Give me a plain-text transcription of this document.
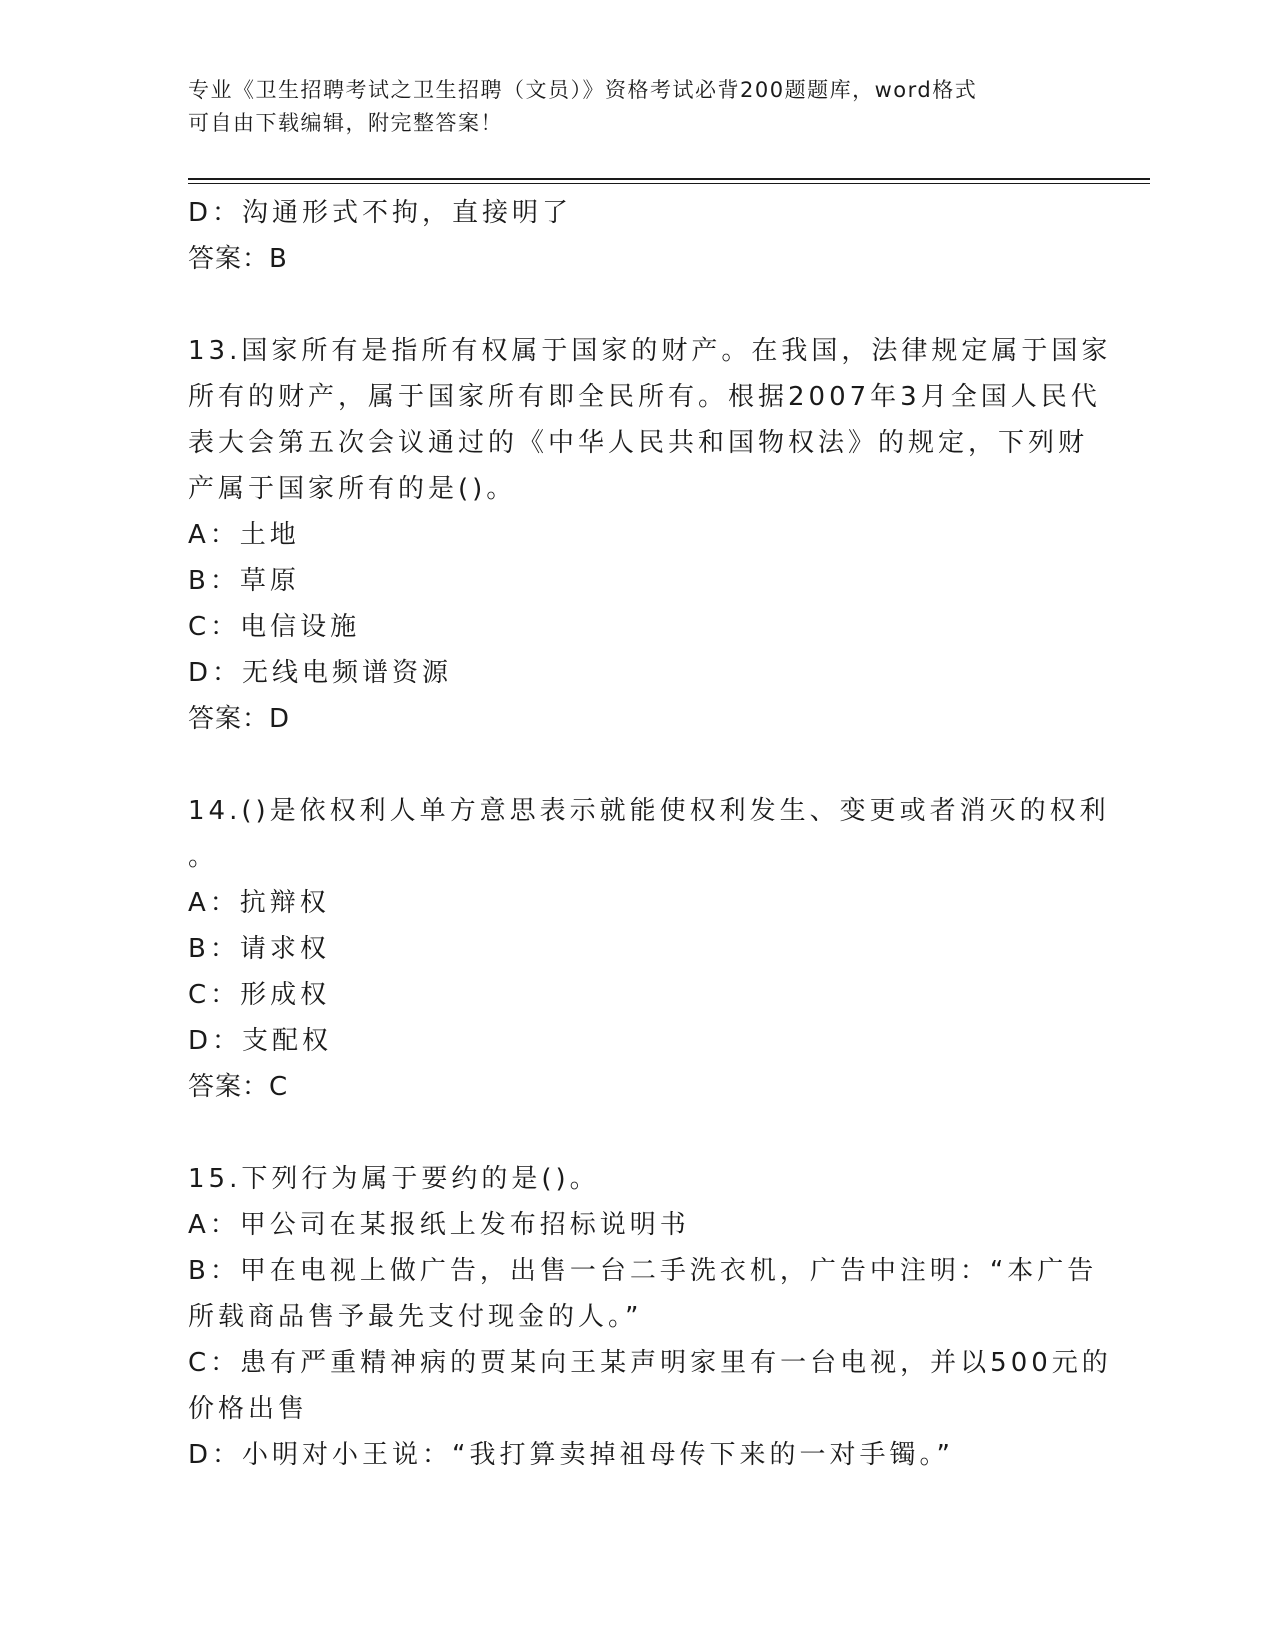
专业《卫生招聘考试之卫生招聘（文员）》资格考试必背200题题库，word格式
可自由下载编辑，附完整答案！
D：沟通形式不拘，直接明了
答案：B
13.国家所有是指所有权属于国家的财产。在我国，法律规定属于国家
所有的财产，属于国家所有即全民所有。根据2007年3月全国人民代
表大会第五次会议通过的《中华人民共和国物权法》的规定，下列财
产属于国家所有的是()。
A：土地
B：草原
C：电信设施
D：无线电频谱资源
答案：D
14.()是依权利人单方意思表示就能使权利发生、变更或者消灭的权利
。
A：抗辩权
B：请求权
C：形成权
D：支配权
答案：C
15.下列行为属于要约的是()。
A：甲公司在某报纸上发布招标说明书
B：甲在电视上做广告，出售一台二手洗衣机，广告中注明：“本广告
所载商品售予最先支付现金的人。”
C：患有严重精神病的贾某向王某声明家里有一台电视，并以500元的
价格出售
D：小明对小王说：“我打算卖掉祖母传下来的一对手镯。”
